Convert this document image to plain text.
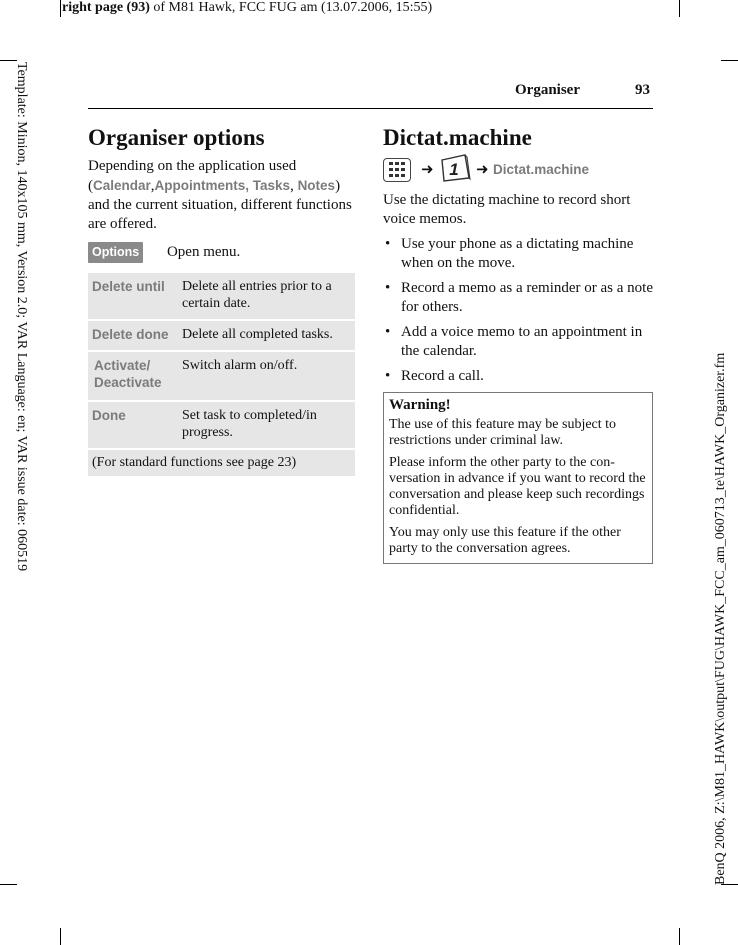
right page (93) of M81 Hawk, FCC FUG am (13.07.2006, 15:55)
Template: Minion, 140x105 mm, Version 2.0; VAR Language: en; VAR issue date: 060519
BenQ 2006, Z:\M81_HAWK\output\FUG\HAWK_FCC_am_060713_te\HAWK_Organizer.fm
Organiser	93
Organiser options

Depending on the application used (Calendar,Appointments, Tasks, Notes) and the current situation, different functions are offered.

Options Open menu.
Delete until	Delete all entries prior to a certain date.
Delete done	Delete all completed tasks.
Activate/ Deactivate	Switch alarm on/off.
Done	Set task to completed/in progress.
(For standard functions see page 23)	
Dictat.machine
➜ 1 ➜ Dictat.machine

Use the dictating machine to record short voice memos.

• Use your phone as a dictating machine when on the move.
• Record a memo as a reminder or as a note for others.
• Add a voice memo to an appointment in the calendar.
• Record a call.
Warning!

The use of this feature may be subject to restrictions under criminal law.

Please inform the other party to the con-versation in advance if you want to record the conversation and please keep such recordings confidential.

You may only use this feature if the other party to the conversation agrees.
